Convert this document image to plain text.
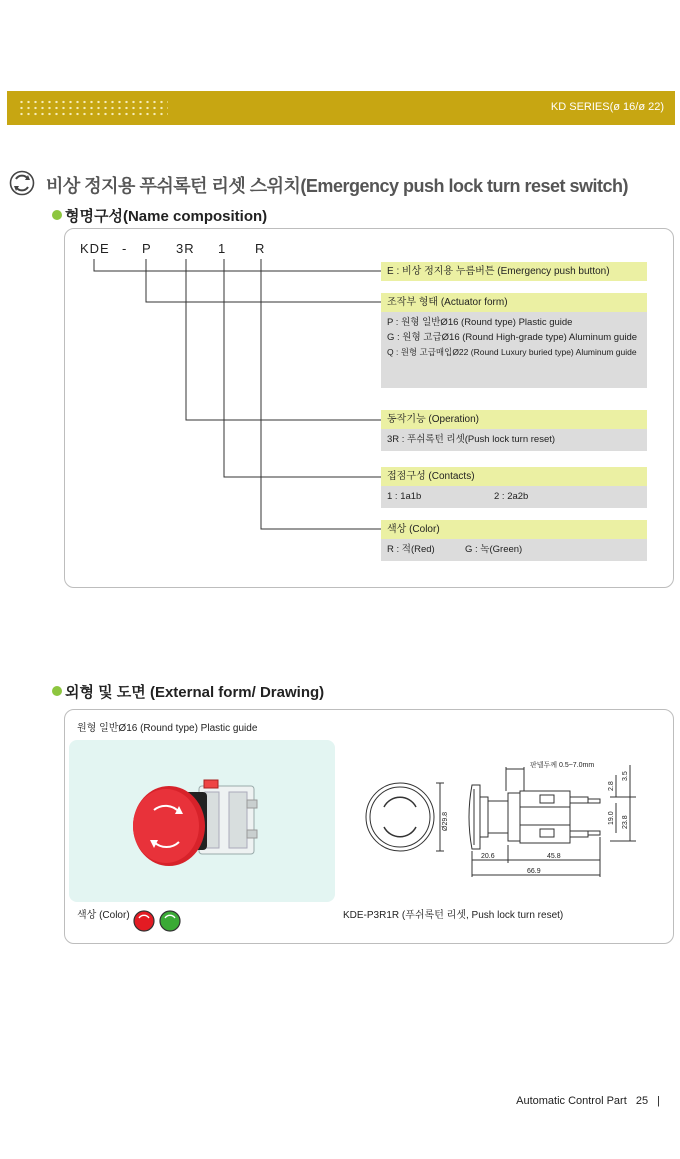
KD SERIES(ø 16/ø 22)
비상 정지용 푸쉬록턴 리셋 스위치(Emergency push lock turn reset switch)
형명구성(Name composition)
KDE - P 3R 1 R
E : 비상 정지용 누름버튼 (Emergency push button)
조작부 형태 (Actuator form)
P : 원형 일반Ø16 (Round type) Plastic guide
G : 원형 고급Ø16 (Round High-grade type) Aluminum guide
Q : 원형 고급매입Ø22 (Round Luxury buried type) Aluminum guide
동작기능 (Operation)
3R : 푸쉬록턴 리셋(Push lock turn reset)
접점구성 (Contacts)
1 : 1a1b	2 : 2a2b
색상 (Color)
R : 적(Red)	G : 녹(Green)
외형 및 도면 (External form/ Drawing)
원형 일반Ø16 (Round type) Plastic guide
색상 (Color)
Ø29.8
판넬두께 0.5~7.0mm
2.8
3.5
19.0 23.8
20.6	45.8
66.9
KDE-P3R1R (푸쉬록턴 리셋, Push lock turn reset)
Automatic Control Part 25 |
